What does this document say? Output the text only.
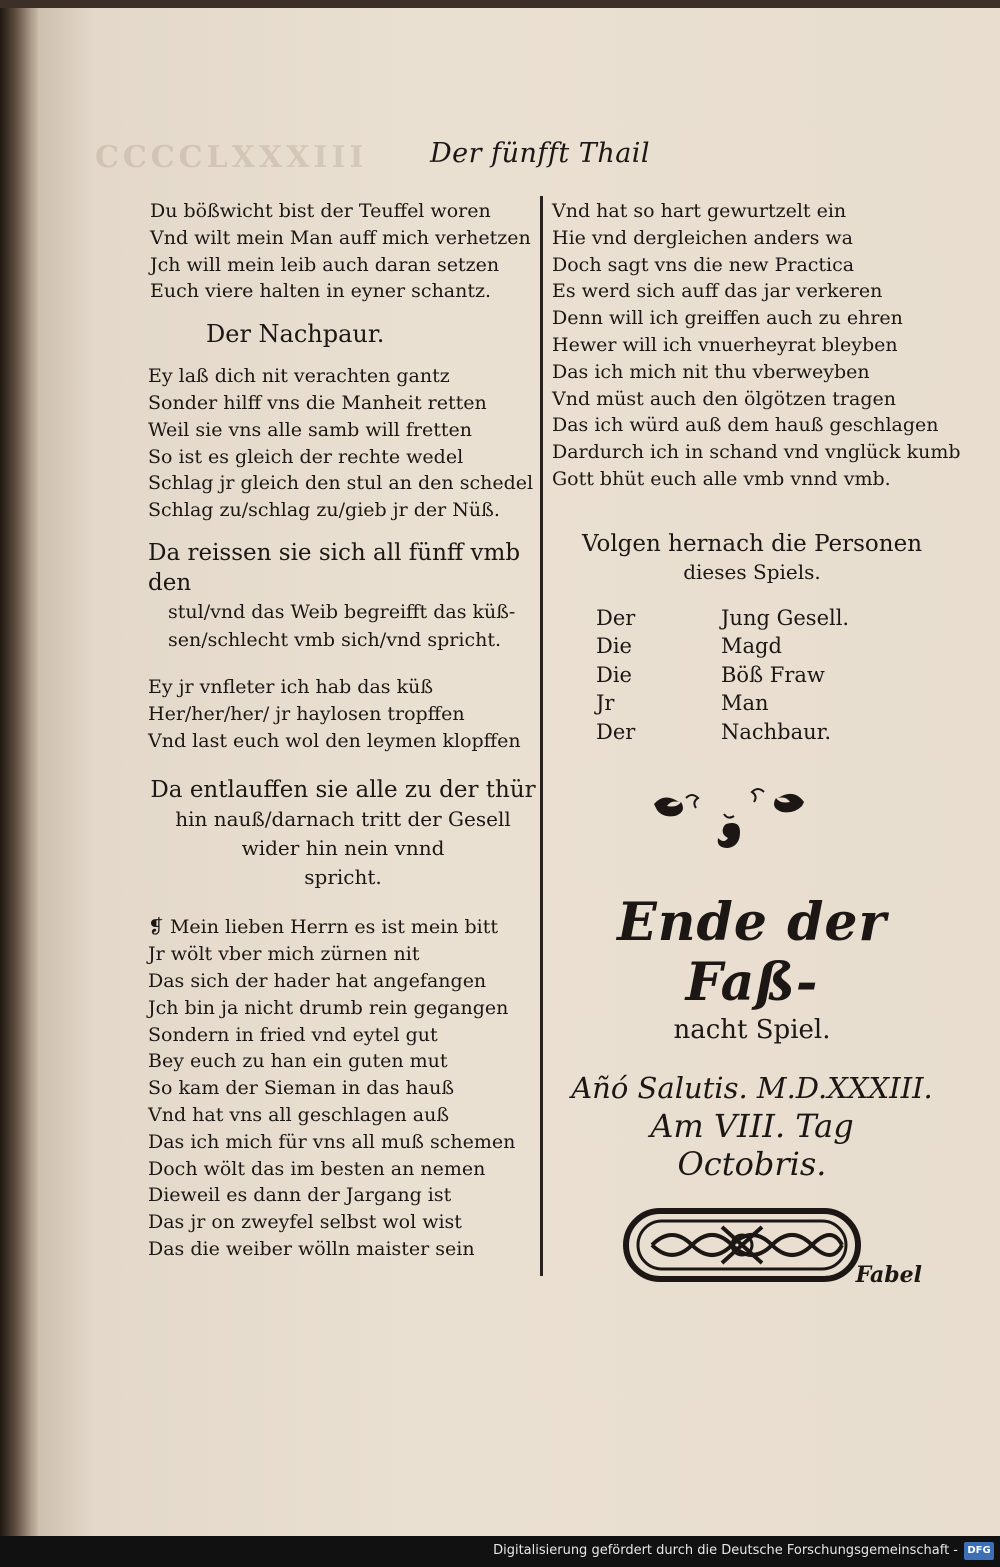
CCCCLXXXIII Der fünfft Thail
Du bößwicht bist der Teuffel woren
Vnd wilt mein Man auff mich verhetzen
Jch will mein leib auch daran setzen
Euch viere halten in eyner schantz.
Der Nachpaur.
Ey laß dich nit verachten gantz
Sonder hilff vns die Manheit retten
Weil sie vns alle samb will fretten
So ist es gleich der rechte wedel
Schlag jr gleich den stul an den schedel
Schlag zu/schlag zu/gieb jr der Nüß.
Da reissen sie sich all fünff vmb den
stul/vnd das Weib begreifft das küß-
sen/schlecht vmb sich/vnd spricht.
Ey jr vnfleter ich hab das küß
Her/her/her/ jr haylosen tropffen
Vnd last euch wol den leymen klopffen
Da entlauffen sie alle zu der thür
hin nauß/darnach tritt der Gesell
wider hin nein vnnd
spricht.
❡ Mein lieben Herrn es ist mein bitt
Jr wölt vber mich zürnen nit
Das sich der hader hat angefangen
Jch bin ja nicht drumb rein gegangen
Sondern in fried vnd eytel gut
Bey euch zu han ein guten mut
So kam der Sieman in das hauß
Vnd hat vns all geschlagen auß
Das ich mich für vns all muß schemen
Doch wölt das im besten an nemen
Dieweil es dann der Jargang ist
Das jr on zweyfel selbst wol wist
Das die weiber wölln maister sein
Vnd hat so hart gewurtzelt ein
Hie vnd dergleichen anders wa
Doch sagt vns die new Practica
Es werd sich auff das jar verkeren
Denn will ich greiffen auch zu ehren
Hewer will ich vnuerheyrat bleyben
Das ich mich nit thu vberweyben
Vnd müst auch den ölgötzen tragen
Das ich würd auß dem hauß geschlagen
Dardurch ich in schand vnd vnglück kumb
Gott bhüt euch alle vmb vnnd vmb.
Volgen hernach die Personen
dieses Spiels.
Der	Jung Gesell.
Die	Magd
Die	Böß Fraw
Jr	Man
Der	Nachbaur.
Ende der Faß-
nacht Spiel.
Añó Salutis. M.D.XXXIII.
Am VIII. Tag
Octobris.
Fabel
Digitalisierung gefördert durch die Deutsche Forschungsgemeinschaft - DFG
